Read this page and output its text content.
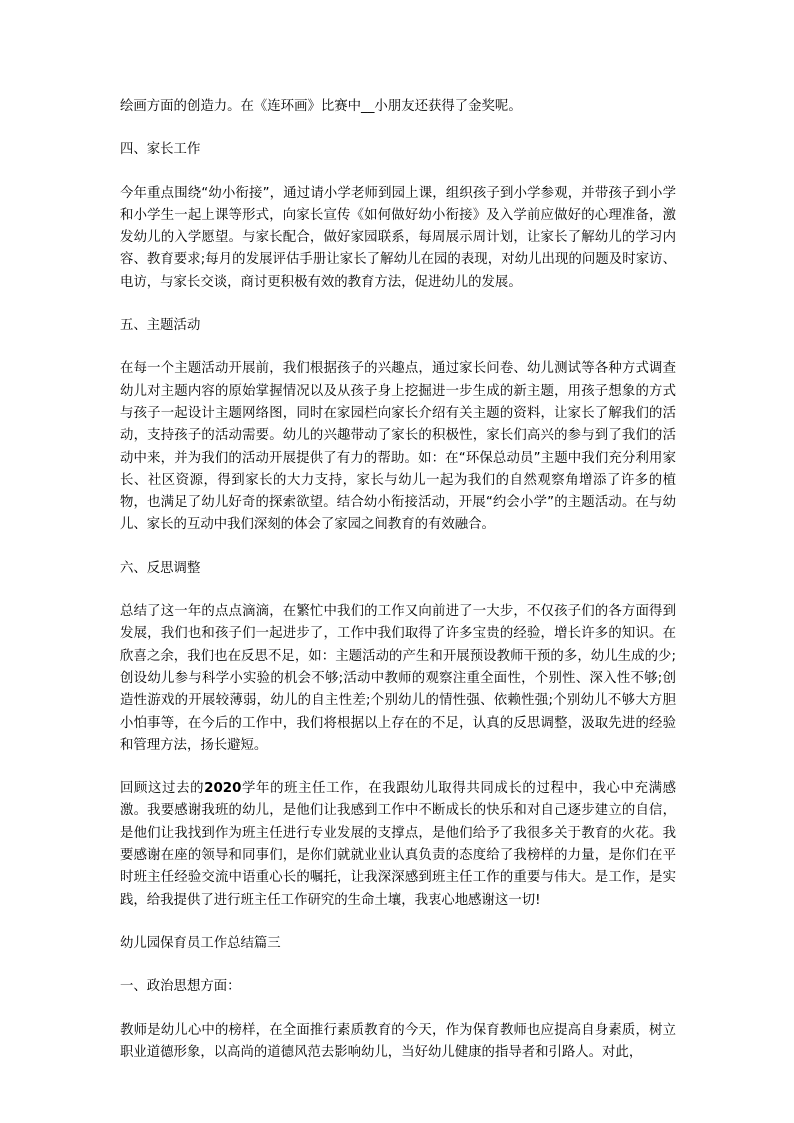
绘画方面的创造力。在《连环画》比赛中__小朋友还获得了金奖呢。

四、家长工作

今年重点围绕“幼小衔接”，通过请小学老师到园上课，组织孩子到小学参观，并带孩子到小学和小学生一起上课等形式，向家长宣传《如何做好幼小衔接》及入学前应做好的心理准备，激发幼儿的入学愿望。与家长配合，做好家园联系，每周展示周计划，让家长了解幼儿的学习内容、教育要求;每月的发展评估手册让家长了解幼儿在园的表现，对幼儿出现的问题及时家访、电访，与家长交谈，商讨更积极有效的教育方法，促进幼儿的发展。

五、主题活动

在每一个主题活动开展前，我们根据孩子的兴趣点，通过家长问卷、幼儿测试等各种方式调查幼儿对主题内容的原始掌握情况以及从孩子身上挖掘进一步生成的新主题，用孩子想象的方式与孩子一起设计主题网络图，同时在家园栏向家长介绍有关主题的资料，让家长了解我们的活动，支持孩子的活动需要。幼儿的兴趣带动了家长的积极性，家长们高兴的参与到了我们的活动中来，并为我们的活动开展提供了有力的帮助。如：在“环保总动员”主题中我们充分利用家长、社区资源，得到家长的大力支持，家长与幼儿一起为我们的自然观察角增添了许多的植物，也满足了幼儿好奇的探索欲望。结合幼小衔接活动，开展“约会小学”的主题活动。在与幼儿、家长的互动中我们深刻的体会了家园之间教育的有效融合。

六、反思调整

总结了这一年的点点滴滴，在繁忙中我们的工作又向前进了一大步，不仅孩子们的各方面得到发展，我们也和孩子们一起进步了，工作中我们取得了许多宝贵的经验，增长许多的知识。在欣喜之余，我们也在反思不足，如：主题活动的产生和开展预设教师干预的多，幼儿生成的少;创设幼儿参与科学小实验的机会不够;活动中教师的观察注重全面性，个别性、深入性不够;创造性游戏的开展较薄弱，幼儿的自主性差;个别幼儿的情性强、依赖性强;个别幼儿不够大方胆小怕事等，在今后的工作中，我们将根据以上存在的不足，认真的反思调整，汲取先进的经验和管理方法，扬长避短。

回顾这过去的2020学年的班主任工作，在我跟幼儿取得共同成长的过程中，我心中充满感激。我要感谢我班的幼儿，是他们让我感到工作中不断成长的快乐和对自己逐步建立的自信，是他们让我找到作为班主任进行专业发展的支撑点，是他们给予了我很多关于教育的火花。我要感谢在座的领导和同事们，是你们就就业业认真负责的态度给了我榜样的力量，是你们在平时班主任经验交流中语重心长的嘱托，让我深深感到班主任工作的重要与伟大。是工作，是实践，给我提供了进行班主任工作研究的生命土壤，我衷心地感谢这一切!

幼儿园保育员工作总结篇三

一、政治思想方面：

教师是幼儿心中的榜样，在全面推行素质教育的今天，作为保育教师也应提高自身素质，树立职业道德形象，以高尚的道德风范去影响幼儿，当好幼儿健康的指导者和引路人。对此，
